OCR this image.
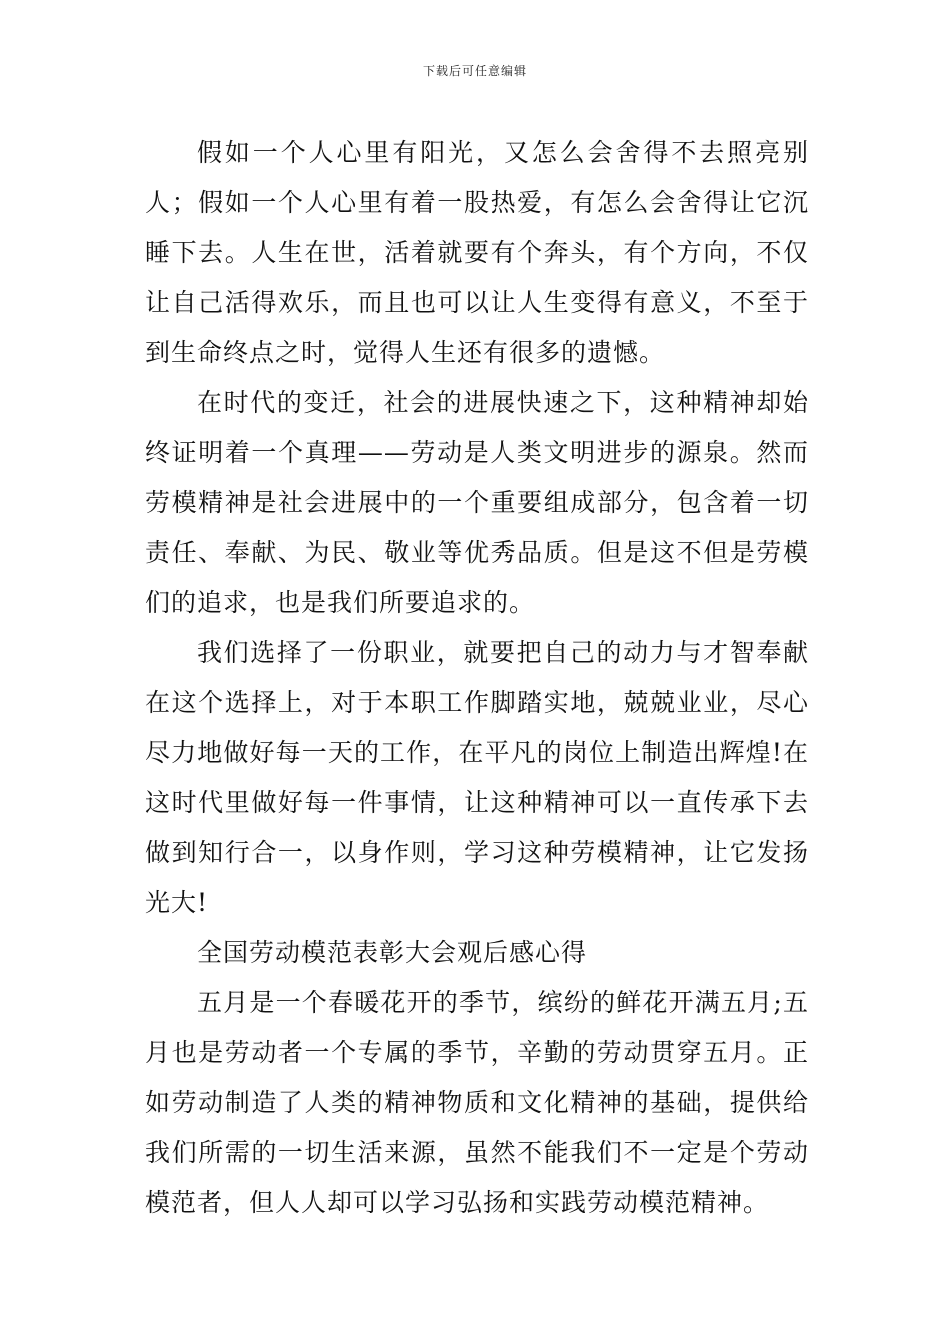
下载后可任意编辑

假如一个人心里有阳光，又怎么会舍得不去照亮别人；假如一个人心里有着一股热爱，有怎么会舍得让它沉睡下去。人生在世，活着就要有个奔头，有个方向，不仅让自己活得欢乐，而且也可以让人生变得有意义，不至于到生命终点之时，觉得人生还有很多的遗憾。

在时代的变迁，社会的进展快速之下，这种精神却始终证明着一个真理——劳动是人类文明进步的源泉。然而劳模精神是社会进展中的一个重要组成部分，包含着一切责任、奉献、为民、敬业等优秀品质。但是这不但是劳模们的追求，也是我们所要追求的。

我们选择了一份职业，就要把自己的动力与才智奉献在这个选择上，对于本职工作脚踏实地，兢兢业业，尽心尽力地做好每一天的工作，在平凡的岗位上制造出辉煌!在这时代里做好每一件事情，让这种精神可以一直传承下去做到知行合一，以身作则，学习这种劳模精神，让它发扬光大!

全国劳动模范表彰大会观后感心得

五月是一个春暖花开的季节，缤纷的鲜花开满五月;五月也是劳动者一个专属的季节，辛勤的劳动贯穿五月。正如劳动制造了人类的精神物质和文化精神的基础，提供给我们所需的一切生活来源，虽然不能我们不一定是个劳动模范者，但人人却可以学习弘扬和实践劳动模范精神。
